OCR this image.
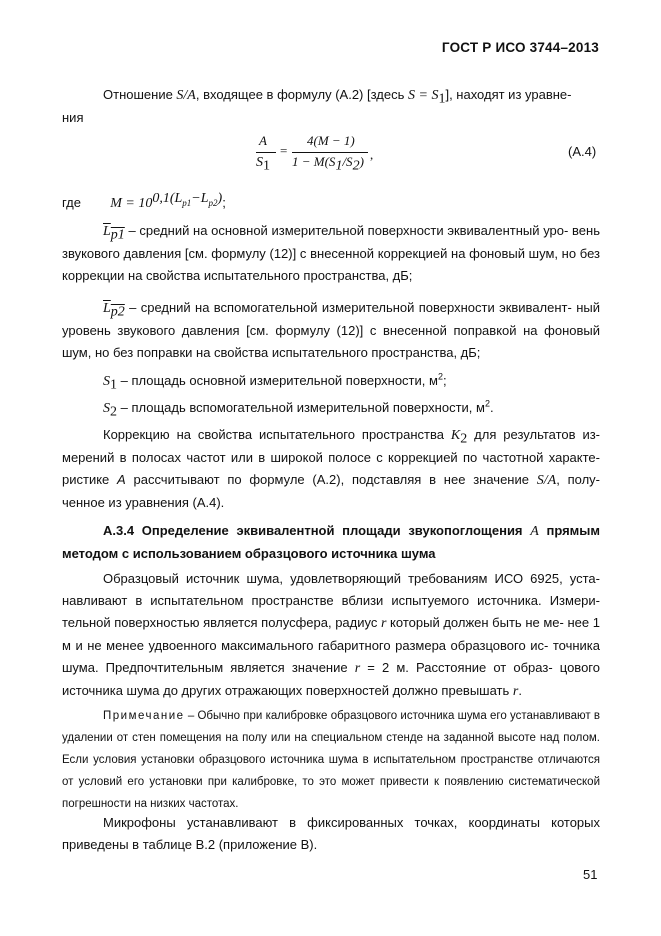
ГОСТ Р ИСО 3744–2013
Отношение S/A, входящее в формулу (А.2) [здесь $S = S_1$], находят из уравне-
ния
A
$S_1$
=
4(M − 1)
$1 - M(S_1/S_2)$ ,	(А.4)
где $M = 10^{0,1(L_{p1}-L_{p2})}$;
$\overline{L}_{p1}$ – средний на основной измерительной поверхности эквивалентный уро- вень звукового давления [см. формулу (12)] с внесенной коррекцией на фоновый шум, но без коррекции на свойства испытательного пространства, дБ;
$\overline{L}_{p2}$ – средний на вспомогательной измерительной поверхности эквивалент- ный уровень звукового давления [см. формулу (12)] с внесенной поправкой на фоновый шум, но без поправки на свойства испытательного пространства, дБ;
$S_1$ – площадь основной измерительной поверхности, $м^2$;
$S_2$ – площадь вспомогательной измерительной поверхности, $м^2$.
Коррекцию на свойства испытательного пространства $K_2$ для результатов из- мерений в полосах частот или в широкой полосе с коррекцией по частотной характе- ристике А рассчитывают по формуле (А.2), подставляя в нее значение S/A, полу- ченное из уравнения (А.4).
А.3.4 Определение эквивалентной площади звукопоглощения A прямым методом с использованием образцового источника шума
Образцовый источник шума, удовлетворяющий требованиям ИСО 6925, уста- навливают в испытательном пространстве вблизи испытуемого источника. Измери- тельной поверхностью является полусфера, радиус r который должен быть не ме- нее 1 м и не менее удвоенного максимального габаритного размера образцового ис- точника шума. Предпочтительным является значение r = 2 м. Расстояние от образ- цового источника шума до других отражающих поверхностей должно превышать r.
Примечание – Обычно при калибровке образцового источника шума его устанавливают в удалении от стен помещения на полу или на специальном стенде на заданной высоте над полом. Если условия установки образцового источника шума в испытательном пространстве отличаются от условий его установки при калибровке, то это может привести к появлению систематической погрешности на низких частотах.
Микрофоны устанавливают в фиксированных точках, координаты которых приведены в таблице В.2 (приложение В).
51
